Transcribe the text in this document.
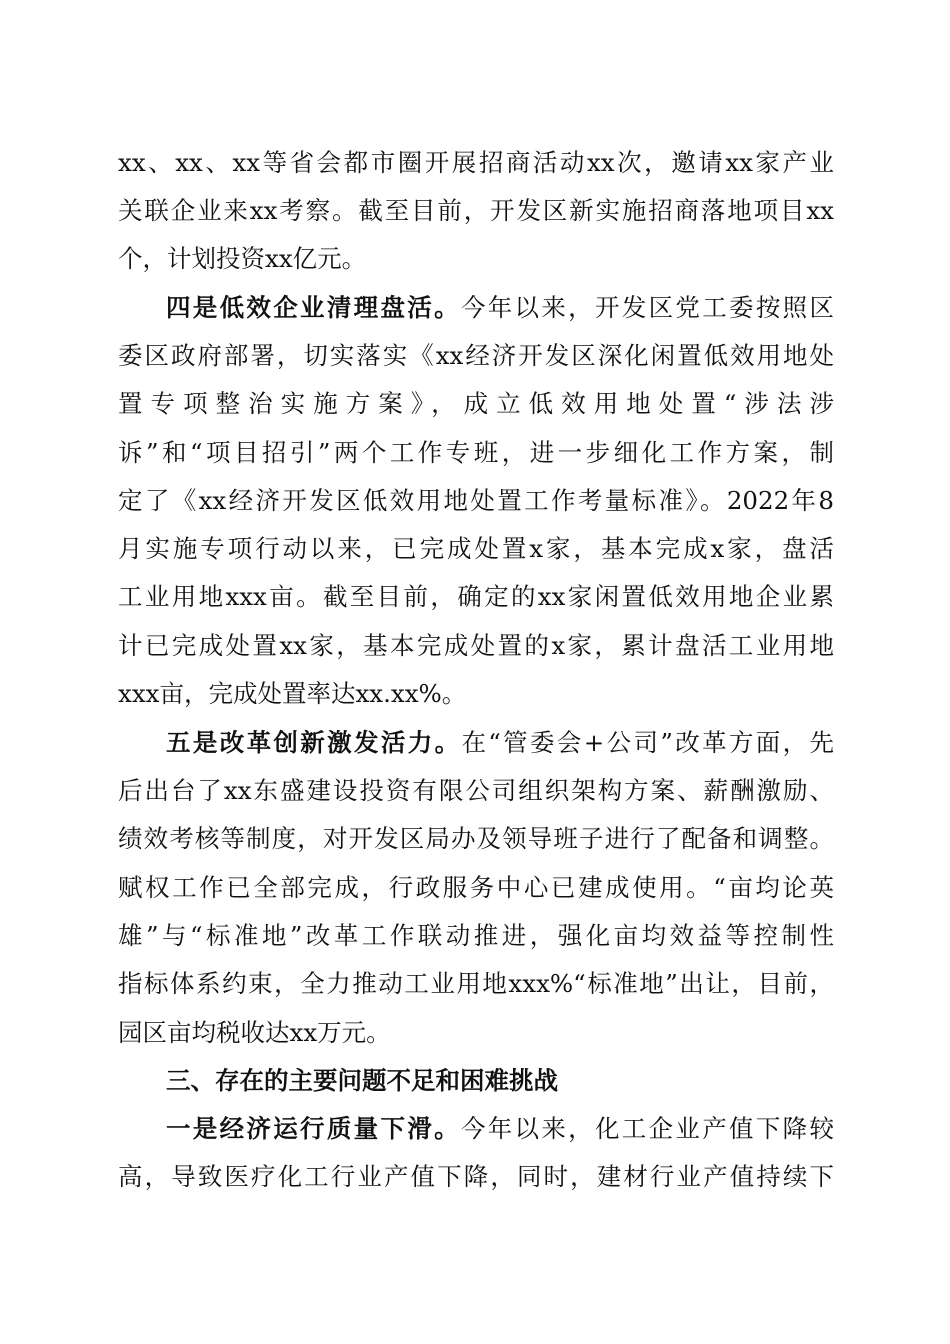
xx、xx、xx等省会都市圈开展招商活动xx次，邀请xx家产业
关联企业来xx考察。截至目前，开发区新实施招商落地项目xx
个，计划投资xx亿元。
四是低效企业清理盘活。今年以来，开发区党工委按照区
委区政府部署，切实落实《xx经济开发区深化闲置低效用地处
置专项整治实施方案》，成立低效用地处置“涉法涉
诉”和“项目招引”两个工作专班，进一步细化工作方案，制
定了《xx经济开发区低效用地处置工作考量标准》。2022年8
月实施专项行动以来，已完成处置x家，基本完成x家，盘活
工业用地xxx亩。截至目前，确定的xx家闲置低效用地企业累
计已完成处置xx家，基本完成处置的x家，累计盘活工业用地
xxx亩，完成处置率达xx.xx%。
五是改革创新激发活力。在“管委会+公司”改革方面，先
后出台了xx东盛建设投资有限公司组织架构方案、薪酬激励、
绩效考核等制度，对开发区局办及领导班子进行了配备和调整。
赋权工作已全部完成，行政服务中心已建成使用。“亩均论英
雄”与“标准地”改革工作联动推进，强化亩均效益等控制性
指标体系约束，全力推动工业用地xxx%“标准地”出让，目前，
园区亩均税收达xx万元。
三、存在的主要问题不足和困难挑战
一是经济运行质量下滑。今年以来，化工企业产值下降较
高，导致医疗化工行业产值下降，同时，建材行业产值持续下
